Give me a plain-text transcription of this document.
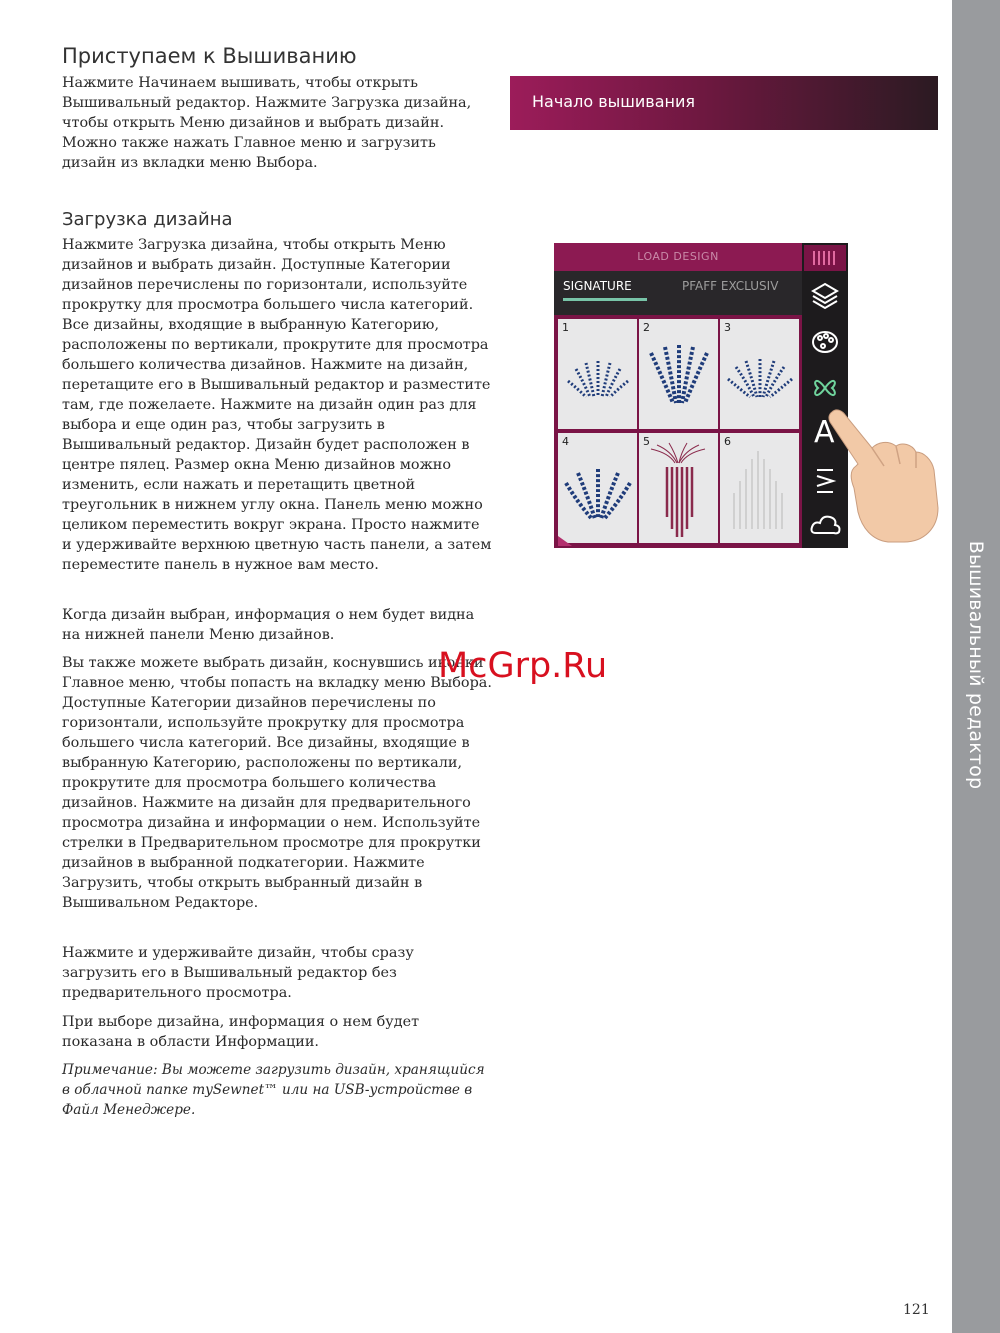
Вышивальный редактор
Приступаем к Вышиванию

Нажмите Начинаем вышивать, чтобы открыть Вышивальный редактор. Нажмите Загрузка дизайна, чтобы открыть Меню дизайнов и выбрать дизайн. Можно также нажать Главное меню и загрузить дизайн из вкладки меню Выбора.

Загрузка дизайна

Нажмите Загрузка дизайна, чтобы открыть Меню дизайнов и выбрать дизайн. Доступные Категории дизайнов перечислены по горизонтали, используйте прокрутку для просмотра большего числа категорий. Все дизайны, входящие в выбранную Категорию, расположены по вертикали, прокрутите для просмотра большего количества дизайнов. Нажмите на дизайн, перетащите его в Вышивальный редактор и разместите там, где пожелаете. Нажмите на дизайн один раз для выбора и еще один раз, чтобы загрузить в Вышивальный редактор. Дизайн будет расположен в центре пялец. Размер окна Меню дизайнов можно изменить, если нажать и перетащить цветной треугольник в нижнем углу окна. Панель меню можно целиком переместить вокруг экрана. Просто нажмите и удерживайте верхнюю цветную часть панели, а затем переместите панель в нужное вам место.

Когда дизайн выбран, информация о нем будет видна на нижней панели Меню дизайнов.

Вы также можете выбрать дизайн, коснувшись иконки Главное меню, чтобы попасть на вкладку меню Выбора. Доступные Категории дизайнов перечислены по горизонтали, используйте прокрутку для просмотра большего числа категорий. Все дизайны, входящие в выбранную Категорию, расположены по вертикали, прокрутите для просмотра большего количества дизайнов. Нажмите на дизайн для предварительного просмотра дизайна и информации о нем. Используйте стрелки в Предварительном просмотре для прокрутки дизайнов в выбранной подкатегории. Нажмите Загрузить, чтобы открыть выбранный дизайн в Вышивальном Редакторе.

Нажмите и удерживайте дизайн, чтобы сразу загрузить его в Вышивальный редактор без предварительного просмотра.

При выборе дизайна, информация о нем будет показана в области Информации.

Примечание: Вы можете загрузить дизайн, хранящийся в облачной папке mySewnet™ или на USB-устройстве в Файл Менеджере.

Начало вышивания
LOAD DESIGN
SIGNATURE	PFAFF EXCLUSIV
1	2	3
4	5	6	A
McGrp.Ru
121
